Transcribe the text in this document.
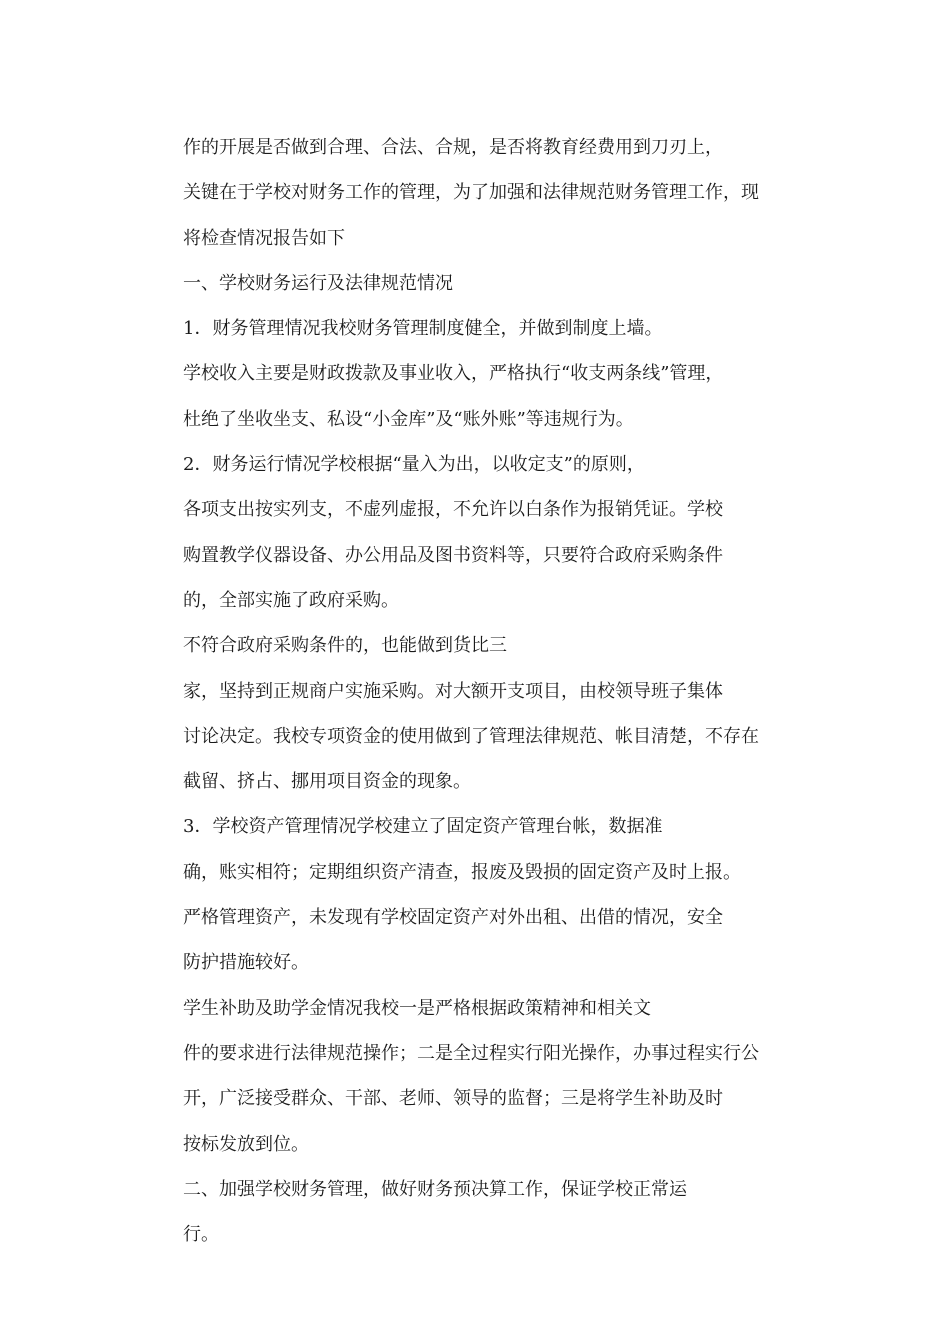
作的开展是否做到合理、合法、合规，是否将教育经费用到刀刃上，
关键在于学校对财务工作的管理，为了加强和法律规范财务管理工作，现
将检查情况报告如下
一、学校财务运行及法律规范情况
1．财务管理情况我校财务管理制度健全，并做到制度上墙。
学校收入主要是财政拨款及事业收入，严格执行“收支两条线”管理，
杜绝了坐收坐支、私设“小金库”及“账外账”等违规行为。
2．财务运行情况学校根据“量入为出，以收定支”的原则，
各项支出按实列支，不虚列虚报，不允许以白条作为报销凭证。学校
购置教学仪器设备、办公用品及图书资料等，只要符合政府采购条件
的，全部实施了政府采购。
不符合政府采购条件的，也能做到货比三
家，坚持到正规商户实施采购。对大额开支项目，由校领导班子集体
讨论决定。我校专项资金的使用做到了管理法律规范、帐目清楚，不存在
截留、挤占、挪用项目资金的现象。
3．学校资产管理情况学校建立了固定资产管理台帐，数据准
确，账实相符；定期组织资产清查，报废及毁损的固定资产及时上报。
严格管理资产，未发现有学校固定资产对外出租、出借的情况，安全
防护措施较好。
学生补助及助学金情况我校一是严格根据政策精神和相关文
件的要求进行法律规范操作；二是全过程实行阳光操作，办事过程实行公
开，广泛接受群众、干部、老师、领导的监督；三是将学生补助及时
按标发放到位。
二、加强学校财务管理，做好财务预决算工作，保证学校正常运
行。
